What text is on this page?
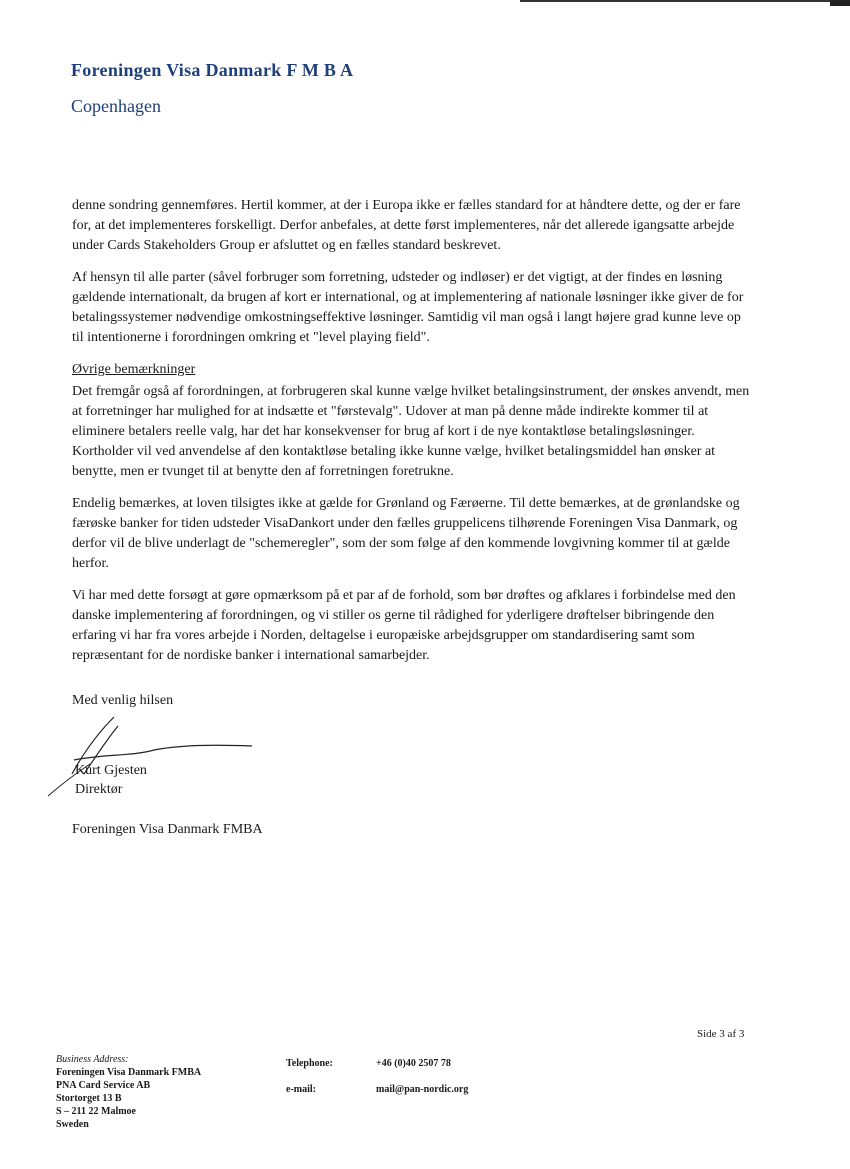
Foreningen Visa Danmark F M B A
Copenhagen

denne sondring gennemføres. Hertil kommer, at der i Europa ikke er fælles standard for at håndtere dette, og der er fare for, at det implementeres forskelligt. Derfor anbefales, at dette først implementeres, når det allerede igangsatte arbejde under Cards Stakeholders Group er afsluttet og en fælles standard beskrevet.

Af hensyn til alle parter (såvel forbruger som forretning, udsteder og indløser) er det vigtigt, at der findes en løsning gældende internationalt, da brugen af kort er international, og at implementering af nationale løsninger ikke giver de for betalingssystemer nødvendige omkostningseffektive løsninger. Samtidig vil man også i langt højere grad kunne leve op til intentionerne i forordningen omkring et "level playing field".

Øvrige bemærkninger

Det fremgår også af forordningen, at forbrugeren skal kunne vælge hvilket betalingsinstrument, der ønskes anvendt, men at forretninger har mulighed for at indsætte et "førstevalg". Udover at man på denne måde indirekte kommer til at eliminere betalers reelle valg, har det har konsekvenser for brug af kort i de nye kontaktløse betalingsløsninger. Kortholder vil ved anvendelse af den kontaktløse betaling ikke kunne vælge, hvilket betalingsmiddel han ønsker at benytte, men er tvunget til at benytte den af forretningen foretrukne.

Endelig bemærkes, at loven tilsigtes ikke at gælde for Grønland og Færøerne. Til dette bemærkes, at de grønlandske og færøske banker for tiden udsteder VisaDankort under den fælles gruppelicens tilhørende Foreningen Visa Danmark, og derfor vil de blive underlagt de "schemeregler", som der som følge af den kommende lovgivning kommer til at gælde herfor.

Vi har med dette forsøgt at gøre opmærksom på et par af de forhold, som bør drøftes og afklares i forbindelse med den danske implementering af forordningen, og vi stiller os gerne til rådighed for yderligere drøftelser bibringende den erfaring vi har fra vores arbejde i Norden, deltagelse i europæiske arbejdsgrupper om standardisering samt som repræsentant for de nordiske banker i international samarbejder.

Med venlig hilsen
Kurt Gjesten
Direktør
Foreningen Visa Danmark FMBA
Side 3 af 3
Business Address:
Foreningen Visa Danmark FMBA
PNA Card Service AB
Stortorget 13 B
S – 211 22 Malmoe
Sweden
Telephone:
e-mail:
+46 (0)40 2507 78
mail@pan-nordic.org
